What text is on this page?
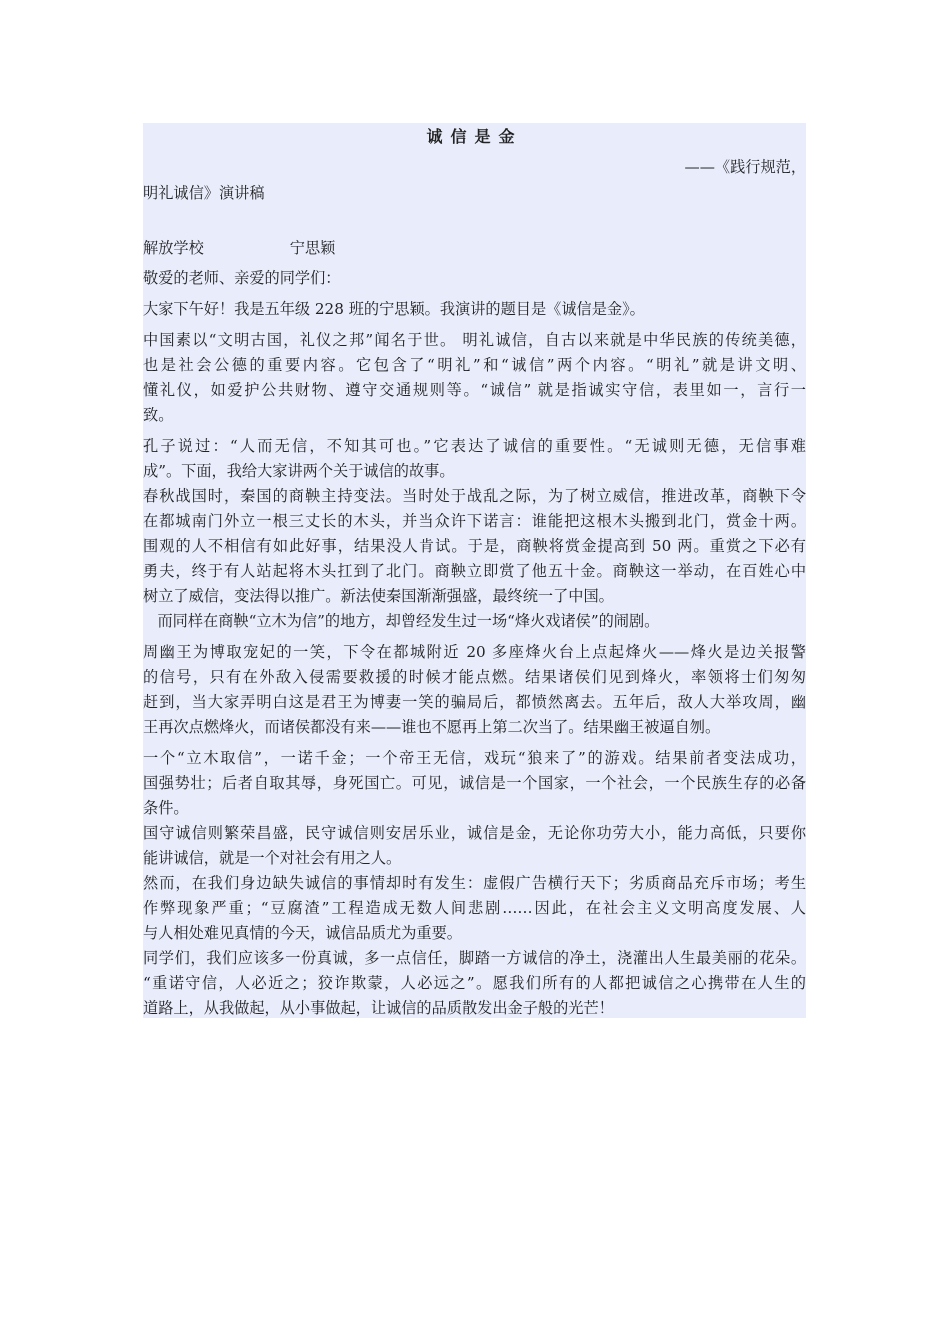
诚信是金
——《践行规范，
明礼诚信》演讲稿
解放学校	宁思颖
敬爱的老师、亲爱的同学们：
大家下午好！我是五年级 228 班的宁思颖。我演讲的题目是《诚信是金》。
中国素以“文明古国，礼仪之邦”闻名于世。 明礼诚信，自古以来就是中华民族的传统美德，
也是社会公德的重要内容。它包含了“明礼”和“诚信”两个内容。“明礼”就是讲文明、
懂礼仪，如爱护公共财物、遵守交通规则等。“诚信” 就是指诚实守信，表里如一，言行一
致。
孔子说过：“人而无信，不知其可也。”它表达了诚信的重要性。“无诚则无德，无信事难
成”。下面，我给大家讲两个关于诚信的故事。
春秋战国时，秦国的商鞅主持变法。当时处于战乱之际，为了树立威信，推进改革，商鞅下令
在都城南门外立一根三丈长的木头，并当众许下诺言：谁能把这根木头搬到北门，赏金十两。
围观的人不相信有如此好事，结果没人肯试。于是，商鞅将赏金提高到 50 两。重赏之下必有
勇夫，终于有人站起将木头扛到了北门。商鞅立即赏了他五十金。商鞅这一举动，在百姓心中
树立了威信，变法得以推广。新法使秦国渐渐强盛，最终统一了中国。
而同样在商鞅“立木为信”的地方，却曾经发生过一场“烽火戏诸侯”的闹剧。
周幽王为博取宠妃的一笑，下令在都城附近 20 多座烽火台上点起烽火——烽火是边关报警
的信号，只有在外敌入侵需要救援的时候才能点燃。结果诸侯们见到烽火，率领将士们匆匆
赶到，当大家弄明白这是君王为博妻一笑的骗局后，都愤然离去。五年后，敌人大举攻周，幽
王再次点燃烽火，而诸侯都没有来——谁也不愿再上第二次当了。结果幽王被逼自刎。
一个“立木取信”，一诺千金；一个帝王无信，戏玩“狼来了”的游戏。结果前者变法成功，
国强势壮；后者自取其辱，身死国亡。可见，诚信是一个国家，一个社会，一个民族生存的必备
条件。
国守诚信则繁荣昌盛，民守诚信则安居乐业，诚信是金，无论你功劳大小，能力高低，只要你
能讲诚信，就是一个对社会有用之人。
然而，在我们身边缺失诚信的事情却时有发生：虚假广告横行天下；劣质商品充斥市场；考生
作弊现象严重；“豆腐渣”工程造成无数人间悲剧……因此，在社会主义文明高度发展、人
与人相处难见真情的今天，诚信品质尤为重要。
同学们，我们应该多一份真诚，多一点信任，脚踏一方诚信的净土，浇灌出人生最美丽的花朵。
“重诺守信，人必近之；狡诈欺蒙，人必远之”。愿我们所有的人都把诚信之心携带在人生的
道路上，从我做起，从小事做起，让诚信的品质散发出金子般的光芒！
